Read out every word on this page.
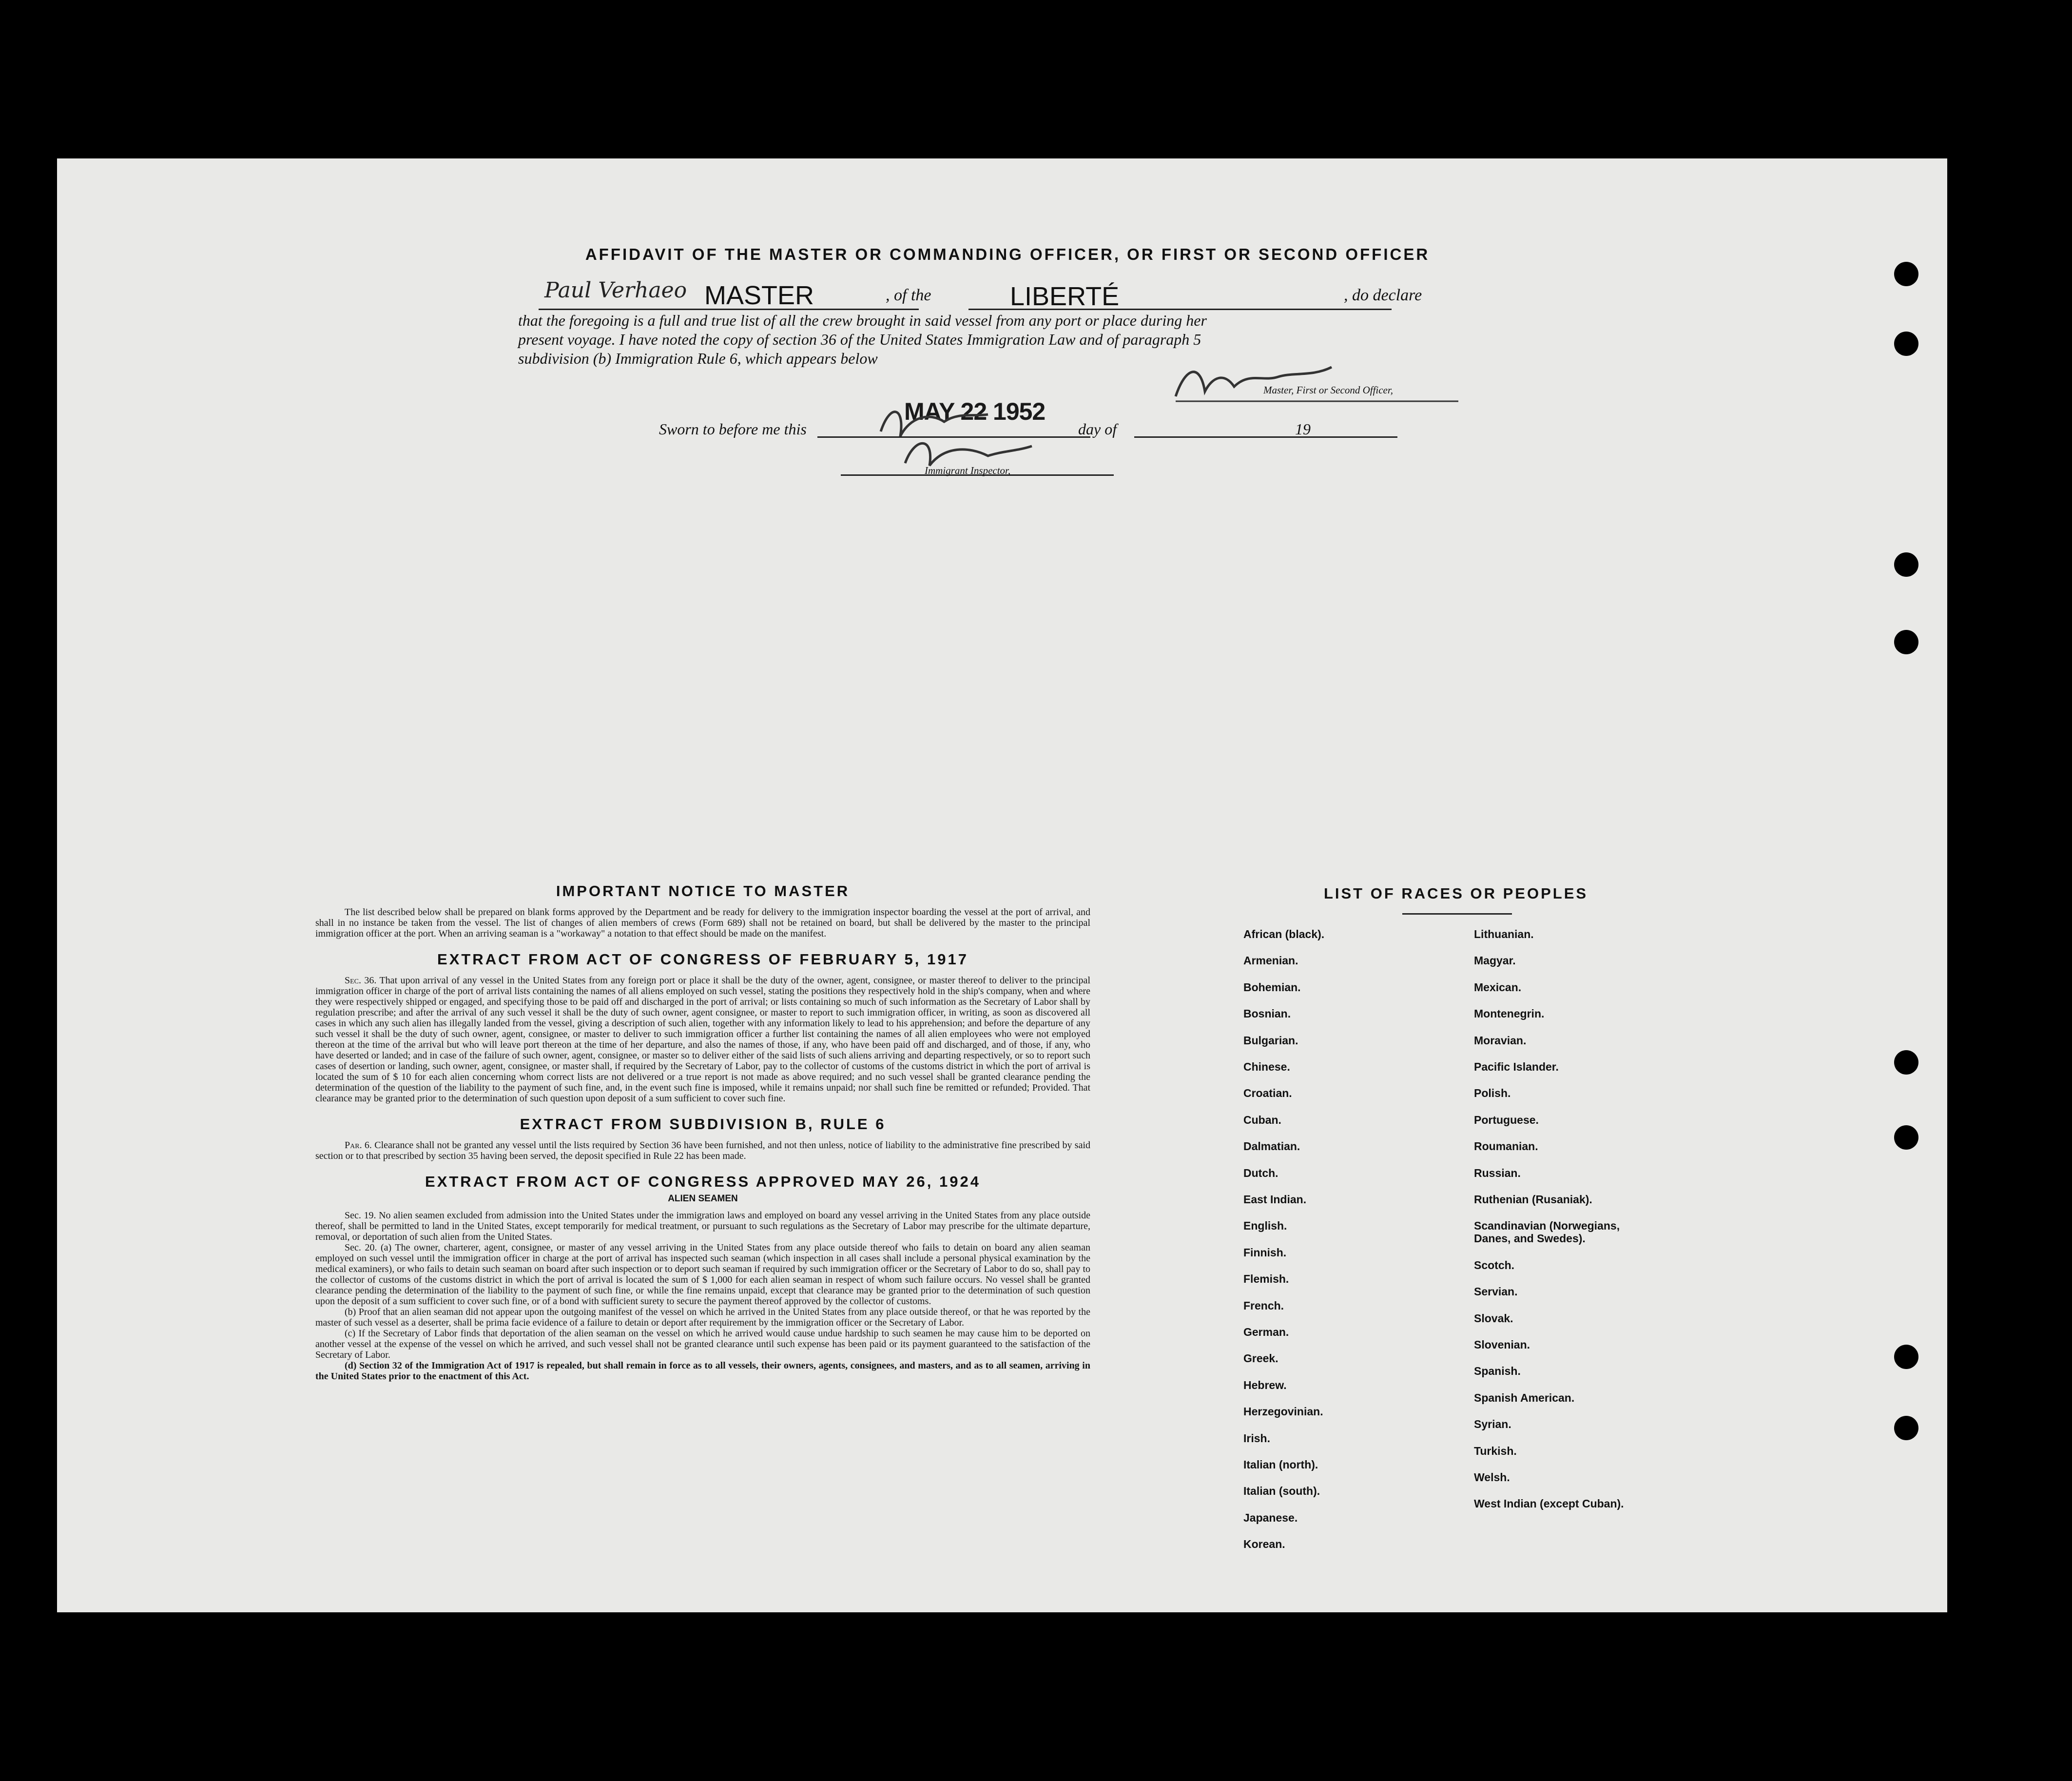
AFFIDAVIT OF THE MASTER OR COMMANDING OFFICER, OR FIRST OR SECOND OFFICER
Paul Verhaeo MASTER	, of the	LIBERTÉ	, do declare
that the foregoing is a full and true list of all the crew brought in said vessel from any port or place during her
present voyage. I have noted the copy of section 36 of the United States Immigration Law and of paragraph 5
subdivision (b) Immigration Rule 6, which appears below
Master, First or Second Officer,
Sworn to before me this
MAY 22 1952
day of	19
Immigrant Inspector,
IMPORTANT NOTICE TO MASTER
The list described below shall be prepared on blank forms approved by the Department and be ready for delivery to the immigration inspector boarding the vessel at the port of arrival, and shall in no instance be taken from the vessel. The list of changes of alien members of crews (Form 689) shall not be retained on board, but shall be delivered by the master to the principal immigration officer at the port. When an arriving seaman is a "workaway" a notation to that effect should be made on the manifest.
EXTRACT FROM ACT OF CONGRESS OF FEBRUARY 5, 1917
Sec. 36. That upon arrival of any vessel in the United States from any foreign port or place it shall be the duty of the owner, agent, consignee, or master thereof to deliver to the principal immigration officer in charge of the port of arrival lists containing the names of all aliens employed on such vessel, stating the positions they respectively hold in the ship's company, when and where they were respectively shipped or engaged, and specifying those to be paid off and discharged in the port of arrival; or lists containing so much of such information as the Secretary of Labor shall by regulation prescribe; and after the arrival of any such vessel it shall be the duty of such owner, agent consignee, or master to report to such immigration officer, in writing, as soon as discovered all cases in which any such alien has illegally landed from the vessel, giving a description of such alien, together with any information likely to lead to his apprehension; and before the departure of any such vessel it shall be the duty of such owner, agent, consignee, or master to deliver to such immigration officer a further list containing the names of all alien employees who were not employed thereon at the time of the arrival but who will leave port thereon at the time of her departure, and also the names of those, if any, who have been paid off and discharged, and of those, if any, who have deserted or landed; and in case of the failure of such owner, agent, consignee, or master so to deliver either of the said lists of such aliens arriving and departing respectively, or so to report such cases of desertion or landing, such owner, agent, consignee, or master shall, if required by the Secretary of Labor, pay to the collector of customs of the customs district in which the port of arrival is located the sum of $ 10 for each alien concerning whom correct lists are not delivered or a true report is not made as above required; and no such vessel shall be granted clearance pending the determination of the question of the liability to the payment of such fine, and, in the event such fine is imposed, while it remains unpaid; nor shall such fine be remitted or refunded; Provided. That clearance may be granted prior to the determination of such question upon deposit of a sum sufficient to cover such fine.
EXTRACT FROM SUBDIVISION B, RULE 6
Par. 6. Clearance shall not be granted any vessel until the lists required by Section 36 have been furnished, and not then unless, notice of liability to the administrative fine prescribed by said section or to that prescribed by section 35 having been served, the deposit specified in Rule 22 has been made.
EXTRACT FROM ACT OF CONGRESS APPROVED MAY 26, 1924
ALIEN SEAMEN
Sec. 19. No alien seamen excluded from admission into the United States under the immigration laws and employed on board any vessel arriving in the United States from any place outside thereof, shall be permitted to land in the United States, except temporarily for medical treatment, or pursuant to such regulations as the Secretary of Labor may prescribe for the ultimate departure, removal, or deportation of such alien from the United States.
Sec. 20. (a) The owner, charterer, agent, consignee, or master of any vessel arriving in the United States from any place outside thereof who fails to detain on board any alien seaman employed on such vessel until the immigration officer in charge at the port of arrival has inspected such seaman (which inspection in all cases shall include a personal physical examination by the medical examiners), or who fails to detain such seaman on board after such inspection or to deport such seaman if required by such immigration officer or the Secretary of Labor to do so, shall pay to the collector of customs of the customs district in which the port of arrival is located the sum of $ 1,000 for each alien seaman in respect of whom such failure occurs. No vessel shall be granted clearance pending the determination of the liability to the payment of such fine, or while the fine remains unpaid, except that clearance may be granted prior to the determination of such question upon the deposit of a sum sufficient to cover such fine, or of a bond with sufficient surety to secure the payment thereof approved by the collector of customs.
(b) Proof that an alien seaman did not appear upon the outgoing manifest of the vessel on which he arrived in the United States from any place outside thereof, or that he was reported by the master of such vessel as a deserter, shall be prima facie evidence of a failure to detain or deport after requirement by the immigration officer or the Secretary of Labor.
(c) If the Secretary of Labor finds that deportation of the alien seaman on the vessel on which he arrived would cause undue hardship to such seamen he may cause him to be deported on another vessel at the expense of the vessel on which he arrived, and such vessel shall not be granted clearance until such expense has been paid or its payment guaranteed to the satisfaction of the Secretary of Labor.
(d) Section 32 of the Immigration Act of 1917 is repealed, but shall remain in force as to all vessels, their owners, agents, consignees, and masters, and as to all seamen, arriving in the United States prior to the enactment of this Act.
LIST OF RACES OR PEOPLES
African (black).
Armenian.
Bohemian.
Bosnian.
Bulgarian.
Chinese.
Croatian.
Cuban.
Dalmatian.
Dutch.
East Indian.
English.
Finnish.
Flemish.
French.
German.
Greek.
Hebrew.
Herzegovinian.
Irish.
Italian (north).
Italian (south).
Japanese.
Korean.
Lithuanian.
Magyar.
Mexican.
Montenegrin.
Moravian.
Pacific Islander.
Polish.
Portuguese.
Roumanian.
Russian.
Ruthenian (Rusaniak).
Scandinavian (Norwegians, Danes, and Swedes).
Scotch.
Servian.
Slovak.
Slovenian.
Spanish.
Spanish American.
Syrian.
Turkish.
Welsh.
West Indian (except Cuban).
